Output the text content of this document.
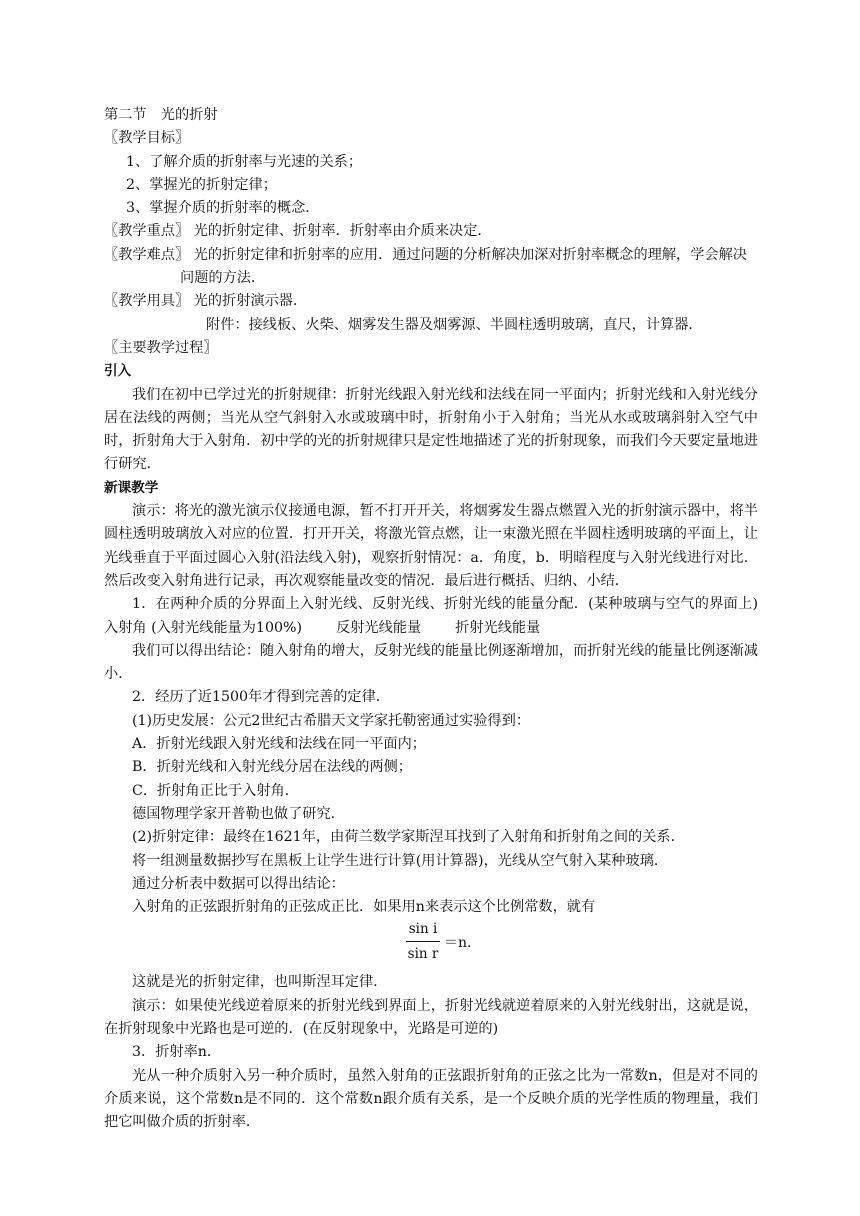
第二节　光的折射
〖教学目标〗
1、了解介质的折射率与光速的关系；
2、掌握光的折射定律；
3、掌握介质的折射率的概念．
〖教学重点〗 光的折射定律、折射率．折射率由介质来决定．
〖教学难点〗 光的折射定律和折射率的应用．通过问题的分析解决加深对折射率概念的理解，学会解决问题的方法．
〖教学用具〗 光的折射演示器．
附件：接线板、火柴、烟雾发生器及烟雾源、半圆柱透明玻璃，直尺，计算器．
〖主要教学过程〗
引入
我们在初中已学过光的折射规律：折射光线跟入射光线和法线在同一平面内；折射光线和入射光线分居在法线的两侧；当光从空气斜射入水或玻璃中时，折射角小于入射角；当光从水或玻璃斜射入空气中时，折射角大于入射角．初中学的光的折射规律只是定性地描述了光的折射现象，而我们今天要定量地进行研究．
新课教学
演示：将光的激光演示仪接通电源，暂不打开开关，将烟雾发生器点燃置入光的折射演示器中，将半圆柱透明玻璃放入对应的位置．打开开关，将激光管点燃，让一束激光照在半圆柱透明玻璃的平面上，让光线垂直于平面过圆心入射(沿法线入射)，观察折射情况：a．角度，b．明暗程度与入射光线进行对比．然后改变入射角进行记录，再次观察能量改变的情况．最后进行概括、归纳、小结．
1．在两种介质的分界面上入射光线、反射光线、折射光线的能量分配．(某种玻璃与空气的界面上)入射角 (入射光线能量为100%) 反射光线能量 折射光线能量
我们可以得出结论：随入射角的增大，反射光线的能量比例逐渐增加，而折射光线的能量比例逐渐减小．
2．经历了近1500年才得到完善的定律．
(1)历史发展：公元2世纪古希腊天文学家托勒密通过实验得到：
A．折射光线跟入射光线和法线在同一平面内；
B．折射光线和入射光线分居在法线的两侧；
C．折射角正比于入射角．
德国物理学家开普勒也做了研究．
(2)折射定律：最终在1621年，由荷兰数学家斯涅耳找到了入射角和折射角之间的关系．
将一组测量数据抄写在黑板上让学生进行计算(用计算器)，光线从空气射入某种玻璃．
通过分析表中数据可以得出结论：
入射角的正弦跟折射角的正弦成正比．如果用n来表示这个比例常数，就有
$\frac{\text{sin i}}{\text{sin r}} =n$.
这就是光的折射定律，也叫斯涅耳定律．
演示：如果使光线逆着原来的折射光线到界面上，折射光线就逆着原来的入射光线射出，这就是说，在折射现象中光路也是可逆的．(在反射现象中，光路是可逆的)
3．折射率n．
光从一种介质射入另一种介质时，虽然入射角的正弦跟折射角的正弦之比为一常数n，但是对不同的介质来说，这个常数n是不同的．这个常数n跟介质有关系，是一个反映介质的光学性质的物理量，我们把它叫做介质的折射率．
